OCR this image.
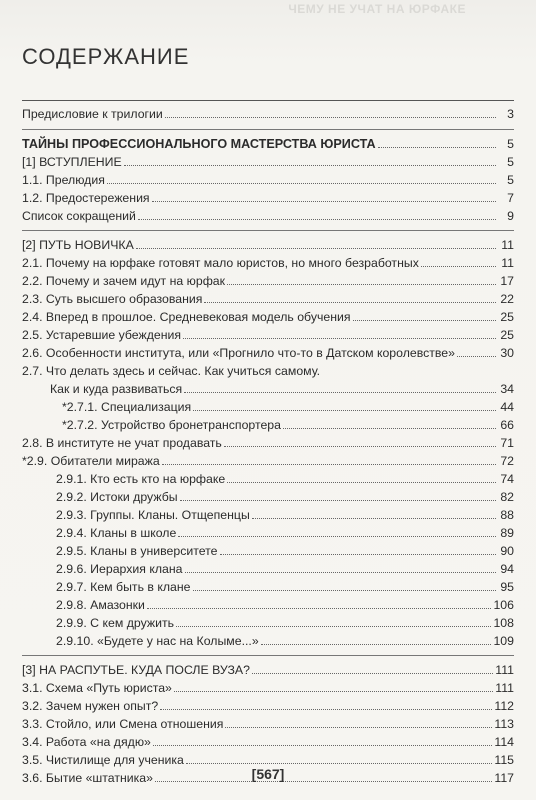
ЧЕМУ НЕ УЧАТ НА ЮРФАКЕ
СОДЕРЖАНИЕ
Предисловие к трилогии	3
ТАЙНЫ ПРОФЕССИОНАЛЬНОГО МАСТЕРСТВА ЮРИСТА	5
[1] ВСТУПЛЕНИЕ	5
1.1. Прелюдия	5
1.2. Предостережения	7
Список сокращений	9
[2] ПУТЬ НОВИЧКА	11
2.1. Почему на юрфаке готовят мало юристов, но много безработных	11
2.2. Почему и зачем идут на юрфак	17
2.3. Суть высшего образования	22
2.4. Вперед в прошлое. Средневековая модель обучения	25
2.5. Устаревшие убеждения	25
2.6. Особенности института, или «Прогнило что-то в Датском королевстве»	30
2.7. Что делать здесь и сейчас. Как учиться самому.
Как и куда развиваться	34
*2.7.1. Специализация	44
*2.7.2. Устройство бронетранспортера	66
2.8. В институте не учат продавать	71
*2.9. Обитатели миража	72
2.9.1. Кто есть кто на юрфаке	74
2.9.2. Истоки дружбы	82
2.9.3. Группы. Кланы. Отщепенцы	88
2.9.4. Кланы в школе	89
2.9.5. Кланы в университете	90
2.9.6. Иерархия клана	94
2.9.7. Кем быть в клане	95
2.9.8. Амазонки	106
2.9.9. С кем дружить	108
2.9.10. «Будете у нас на Колыме...»	109
[3] НА РАСПУТЬЕ. КУДА ПОСЛЕ ВУЗА?	111
3.1. Схема «Путь юриста»	111
3.2. Зачем нужен опыт?	112
3.3. Стойло, или Смена отношения	113
3.4. Работа «на дядю»	114
3.5. Чистилище для ученика	115
3.6. Бытие «штатника»	117
[567]
